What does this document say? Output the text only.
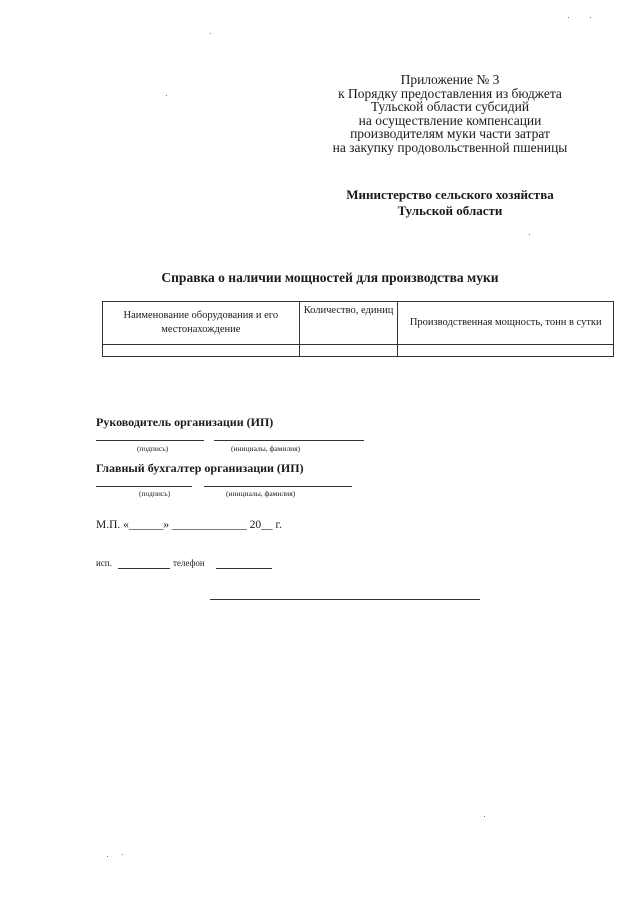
Приложение № 3
к Порядку предоставления из бюджета
Тульской области субсидий
на осуществление компенсации
производителям муки части затрат
на закупку продовольственной пшеницы
Министерство сельского хозяйства
Тульской области
Справка о наличии мощностей для производства муки
Наименование оборудования и его местонахождение	Количество, единиц	Производственная мощность, тонн в сутки

Руководитель организации (ИП)
(подпись)	(инициалы, фамилия)
Главный бухгалтер организации (ИП)
(подпись)	(инициалы, фамилия)
М.П. «______» _____________ 20__ г.
исп.	телефон
